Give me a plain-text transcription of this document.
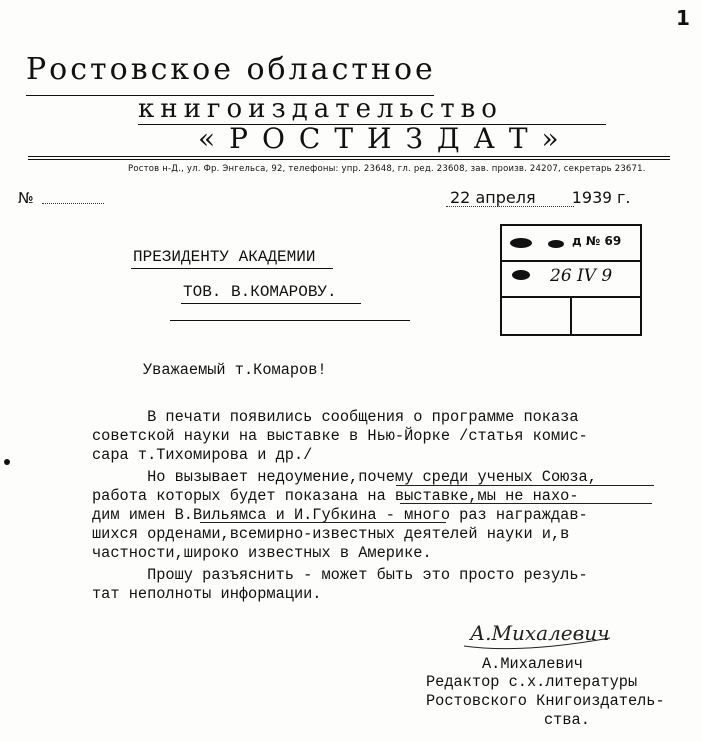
1
Ростовское областное
книгоиздательство
«РОСТИЗДАТ»
Ростов н-Д., ул. Фр. Энгельса, 92, телефоны: упр. 23648, гл. ред. 23608, зав. произв. 24207, секретарь 23671.
№	22 апреля 1939 г.
ПРЕЗИДЕНТУ АКАДЕМИИ
ТОВ. В.КОМАРОВУ.
д № 69
26 IV 9
Уважаемый т.Комаров!
В печати появились сообщения о программе показа
советской науки на выставке в Нью-Йорке /статья комис-
сара т.Тихомирова и др./
Но вызывает недоумение,почему среди ученых Союза,
работа которых будет показана на выставке,мы не нахо-
дим имен В.Вильямса и И.Губкина - много раз награждав-
шихся орденами,всемирно-известных деятелей науки и,в
частности,широко известных в Америке.
Прошу разъяснить - может быть это просто резуль-
тат неполноты информации.
А.Михалевич
А.Михалевич
Редактор с.х.литературы
Ростовского Книгоиздатель-
ства.
